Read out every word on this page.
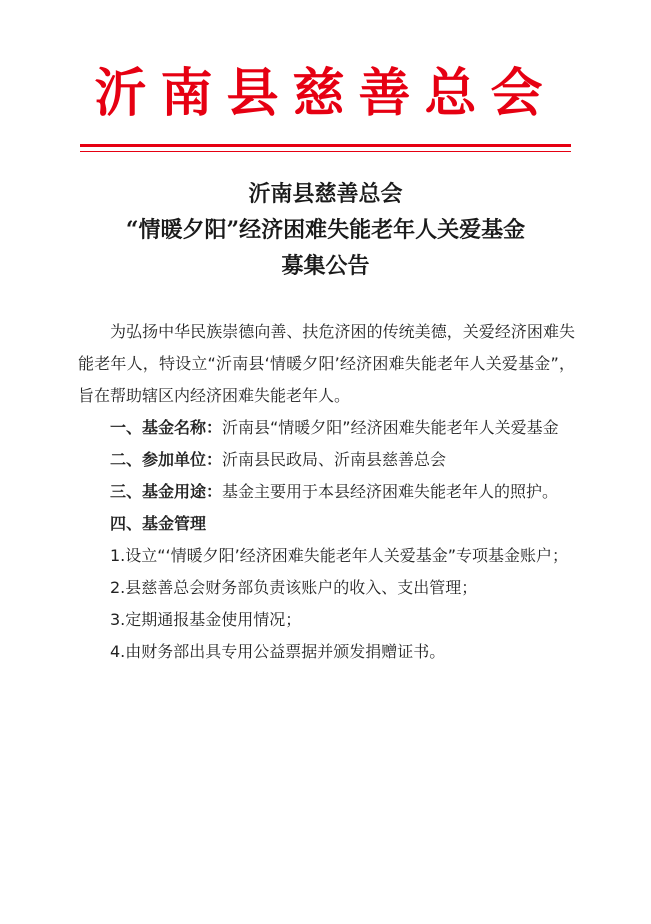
沂南县慈善总会
沂南县慈善总会
“情暖夕阳”经济困难失能老年人关爱基金
募集公告

为弘扬中华民族崇德向善、扶危济困的传统美德，关爱经济困难失能老年人，特设立“沂南县‘情暖夕阳’经济困难失能老年人关爱基金”，旨在帮助辖区内经济困难失能老年人。

一、基金名称：沂南县“情暖夕阳”经济困难失能老年人关爱基金

二、参加单位：沂南县民政局、沂南县慈善总会

三、基金用途：基金主要用于本县经济困难失能老年人的照护。

四、基金管理

1.设立“‘情暖夕阳’经济困难失能老年人关爱基金”专项基金账户；

2.县慈善总会财务部负责该账户的收入、支出管理；

3.定期通报基金使用情况；

4.由财务部出具专用公益票据并颁发捐赠证书。
